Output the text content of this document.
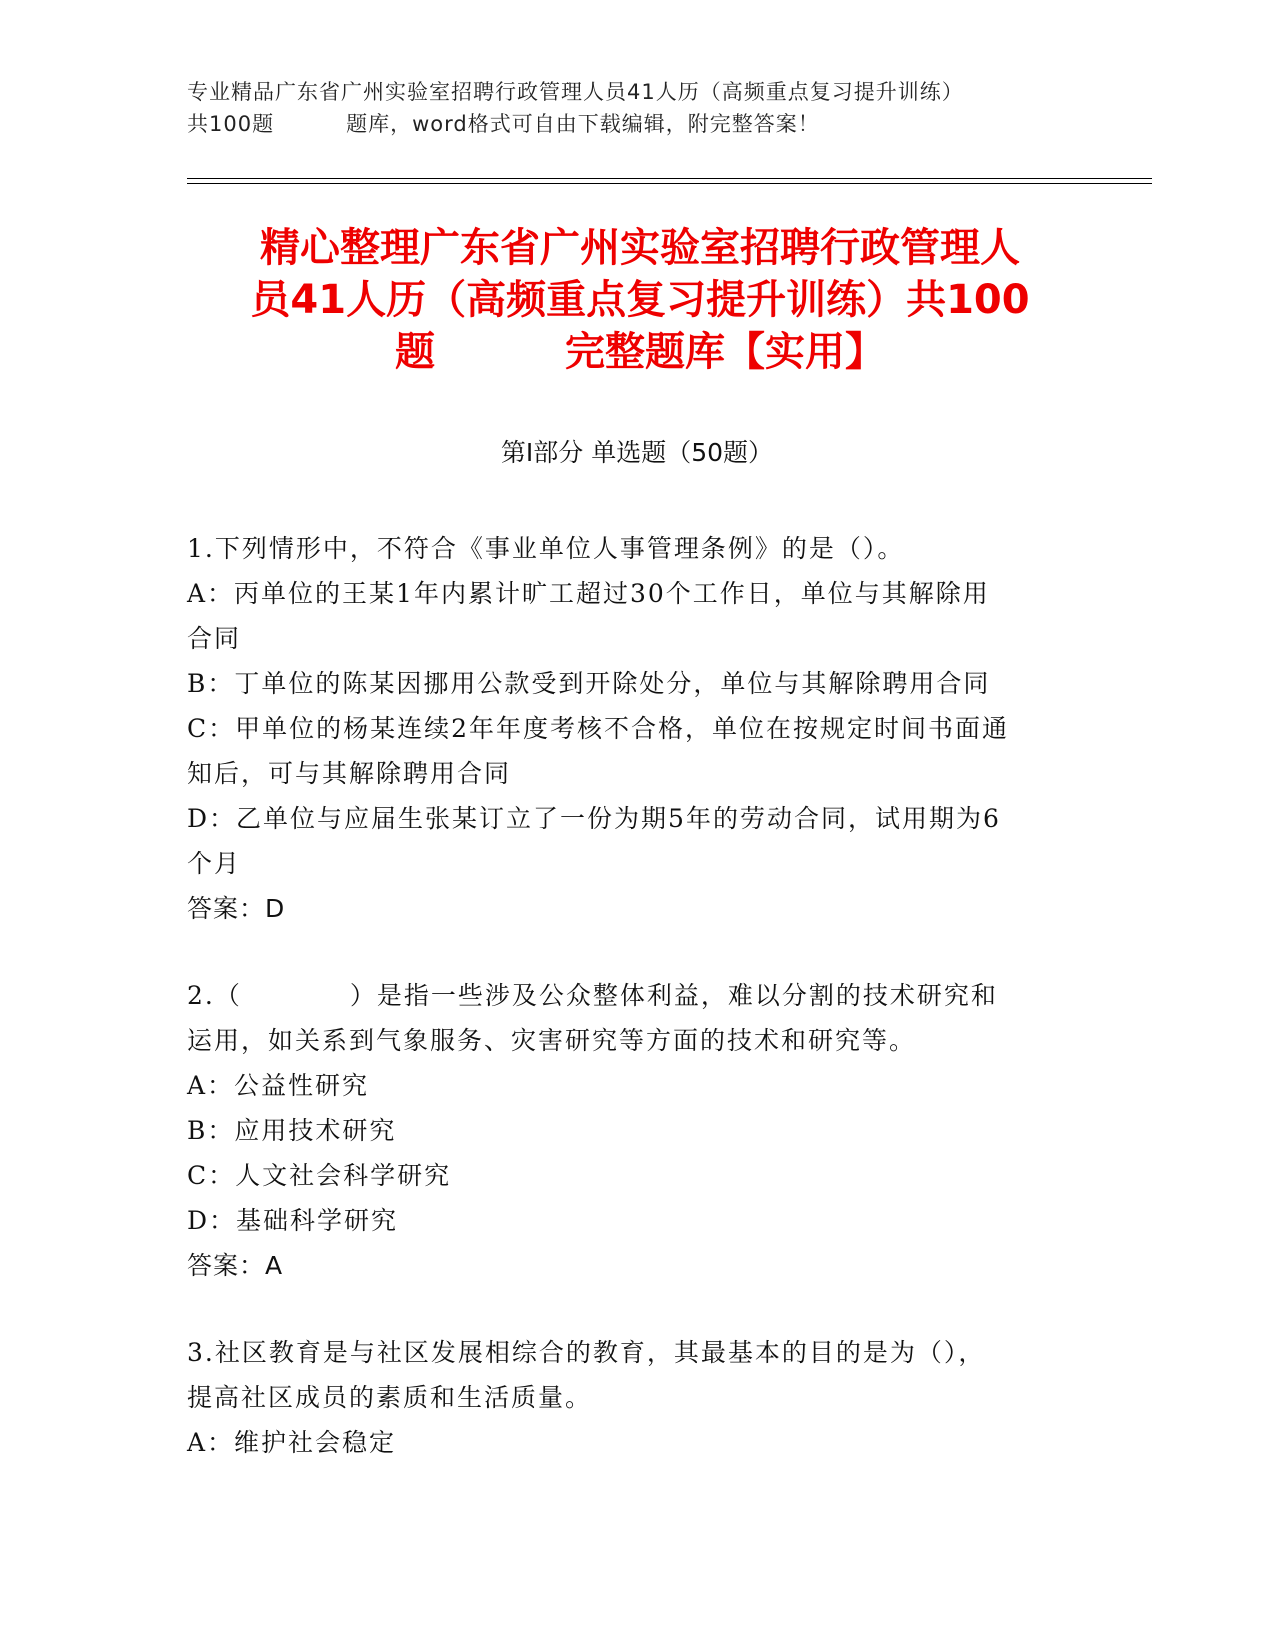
专业精品广东省广州实验室招聘行政管理人员41人历（高频重点复习提升训练）
共100题	题库，word格式可自由下载编辑，附完整答案！
精心整理广东省广州实验室招聘行政管理人
员41人历（高频重点复习提升训练）共100
题	完整题库【实用】
第I部分 单选题（50题）
1.下列情形中，不符合《事业单位人事管理条例》的是（）。
A：丙单位的王某1年内累计旷工超过30个工作日，单位与其解除用
合同
B：丁单位的陈某因挪用公款受到开除处分，单位与其解除聘用合同
C：甲单位的杨某连续2年年度考核不合格，单位在按规定时间书面通
知后，可与其解除聘用合同
D：乙单位与应届生张某订立了一份为期5年的劳动合同，试用期为6
个月
答案：D
2.（　　　　）是指一些涉及公众整体利益，难以分割的技术研究和
运用，如关系到气象服务、灾害研究等方面的技术和研究等。
A：公益性研究
B：应用技术研究
C：人文社会科学研究
D：基础科学研究
答案：A
3.社区教育是与社区发展相综合的教育，其最基本的目的是为（），
提高社区成员的素质和生活质量。
A：维护社会稳定
